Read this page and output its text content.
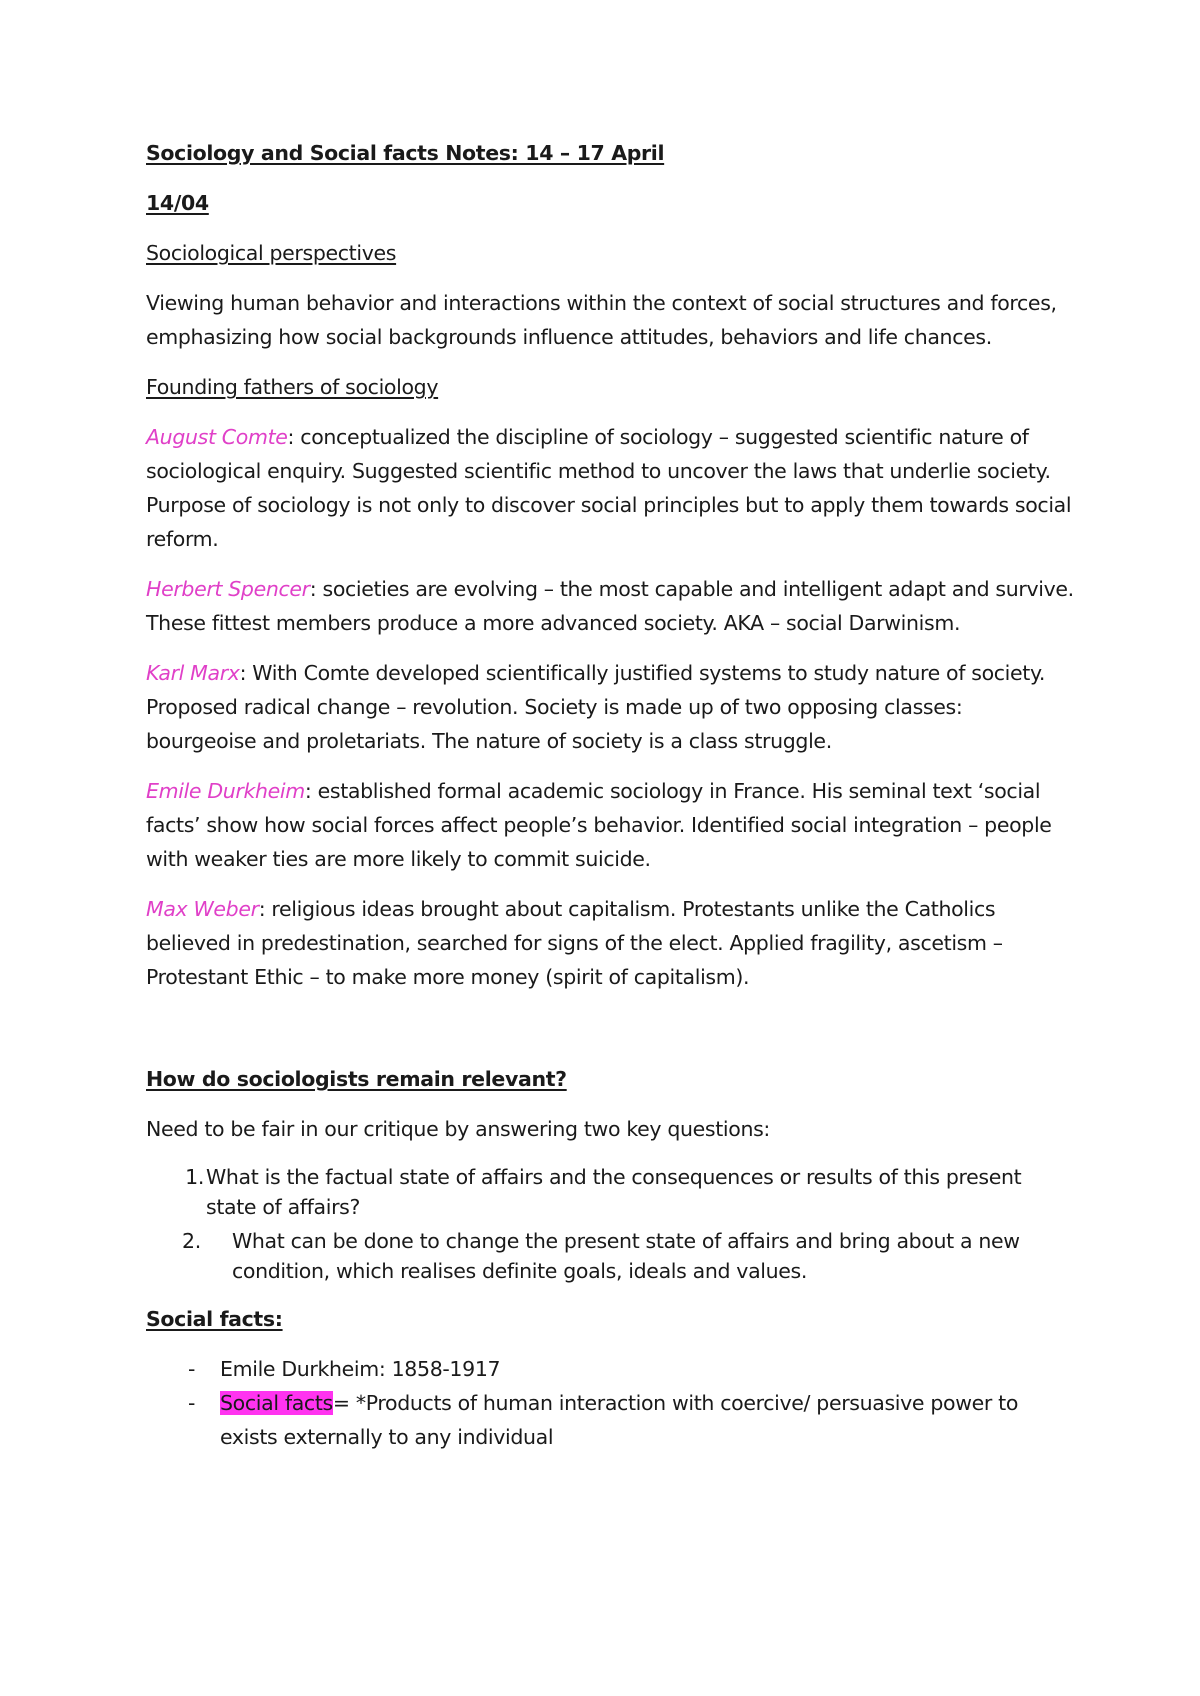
Sociology and Social facts Notes: 14 – 17 April
14/04
Sociological perspectives
Viewing human behavior and interactions within the context of social structures and forces, emphasizing how social backgrounds influence attitudes, behaviors and life chances.
Founding fathers of sociology
August Comte: conceptualized the discipline of sociology – suggested scientific nature of sociological enquiry. Suggested scientific method to uncover the laws that underlie society. Purpose of sociology is not only to discover social principles but to apply them towards social reform.
Herbert Spencer: societies are evolving – the most capable and intelligent adapt and survive. These fittest members produce a more advanced society. AKA – social Darwinism.
Karl Marx: With Comte developed scientifically justified systems to study nature of society. Proposed radical change – revolution. Society is made up of two opposing classes: bourgeoise and proletariats. The nature of society is a class struggle.
Emile Durkheim: established formal academic sociology in France. His seminal text ‘social facts’ show how social forces affect people’s behavior. Identified social integration – people with weaker ties are more likely to commit suicide.
Max Weber: religious ideas brought about capitalism. Protestants unlike the Catholics believed in predestination, searched for signs of the elect. Applied fragility, ascetism – Protestant Ethic – to make more money (spirit of capitalism).
How do sociologists remain relevant?
Need to be fair in our critique by answering two key questions:
1. What is the factual state of affairs and the consequences or results of this present state of affairs?
2.	What can be done to change the present state of affairs and bring about a new condition, which realises definite goals, ideals and values.
Social facts:
-	Emile Durkheim: 1858-1917
-	Social facts= *Products of human interaction with coercive/ persuasive power to exists externally to any individual
